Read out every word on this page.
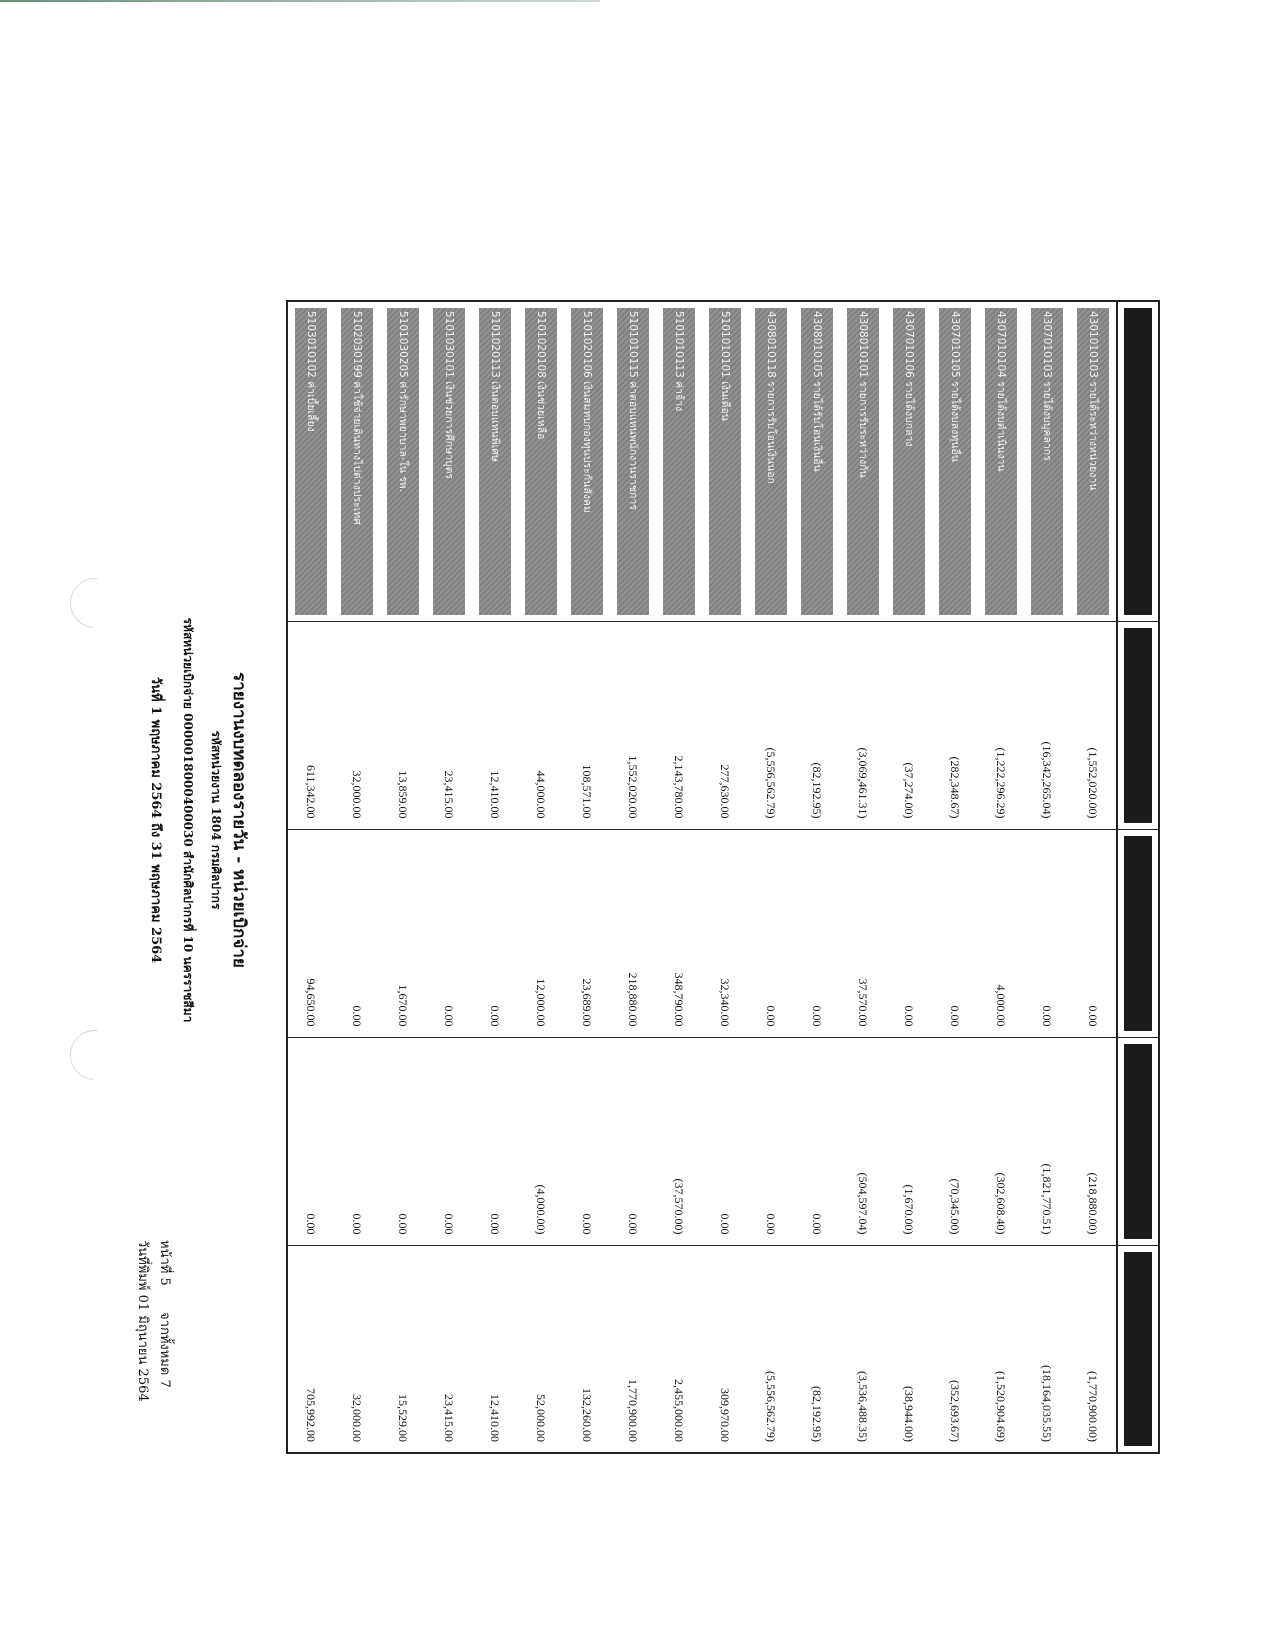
หน้าที่ 5  จากทั้งหมด 7
วันที่พิมพ์ 01 มิถุนายน 2564
รายงานงบทดลองรายวัน - หน่วยเบิกจ่าย
รหัสหน่วยงาน 1804 กรมศิลปากร
รหัสหน่วยเบิกจ่าย 0000018000400030 สำนักศิลปากรที่ 10 นครราชสีมา
วันที่ 1 พฤษภาคม 2564 ถึง 31 พฤษภาคม 2564

4301010103 รายได้ระหว่างหน่วยงาน	(1,552,020.00)	0.00	(218,880.00)	(1,770,900.00)

4307010103 รายได้งบบุคลากร	(16,342,265.04)	0.00	(1,821,770.51)	(18,164,035.55)

4307010104 รายได้งบดำเนินงาน	(1,222,296.29)	4,000.00	(302,608.40)	(1,520,904.69)

4307010105 รายได้งบลงทุนอื่น	(282,348.67)	0.00	(70,345.00)	(352,693.67)

4307010106 รายได้งบกลาง	(37,274.00)	0.00	(1,670.00)	(38,944.00)

4308010101 รายการรับระหว่างกัน	(3,069,461.31)	37,570.00	(504,597.04)	(3,536,488.35)

4308010105 รายได้รับโอนเงินอื่น	(82,192.95)	0.00	0.00	(82,192.95)

4308010118 รายการรับโอนเงินนอก	(5,556,562.79)	0.00	0.00	(5,556,562.79)

5101010101 เงินเดือน	277,630.00	32,340.00	0.00	309,970.00

5101010113 ค่าจ้าง	2,143,780.00	348,790.00	(37,570.00)	2,455,000.00

5101010115 ค่าตอบแทนพนักงานราชการ	1,552,020.00	218,880.00	0.00	1,770,900.00

5101020106 เงินสมทบกองทุนประกันสังคม	108,571.00	23,689.00	0.00	132,260.00

5101020108 เงินช่วยเหลือ	44,000.00	12,000.00	(4,000.00)	52,000.00

5101020113 เงินตอบแทนพิเศษ	12,410.00	0.00	0.00	12,410.00

5101030101 เงินช่วยการศึกษาบุตร	23,415.00	0.00	0.00	23,415.00

5101030205 ค่ารักษาพยาบาล-ใน รพ.	13,859.00	1,670.00	0.00	15,529.00

5102030199 ค่าใช้จ่ายเดินทางไปต่างประเทศ	32,000.00	0.00	0.00	32,000.00

5103010102 ค่าเบี้ยเลี้ยง	611,342.00	94,650.00	0.00	705,992.00
